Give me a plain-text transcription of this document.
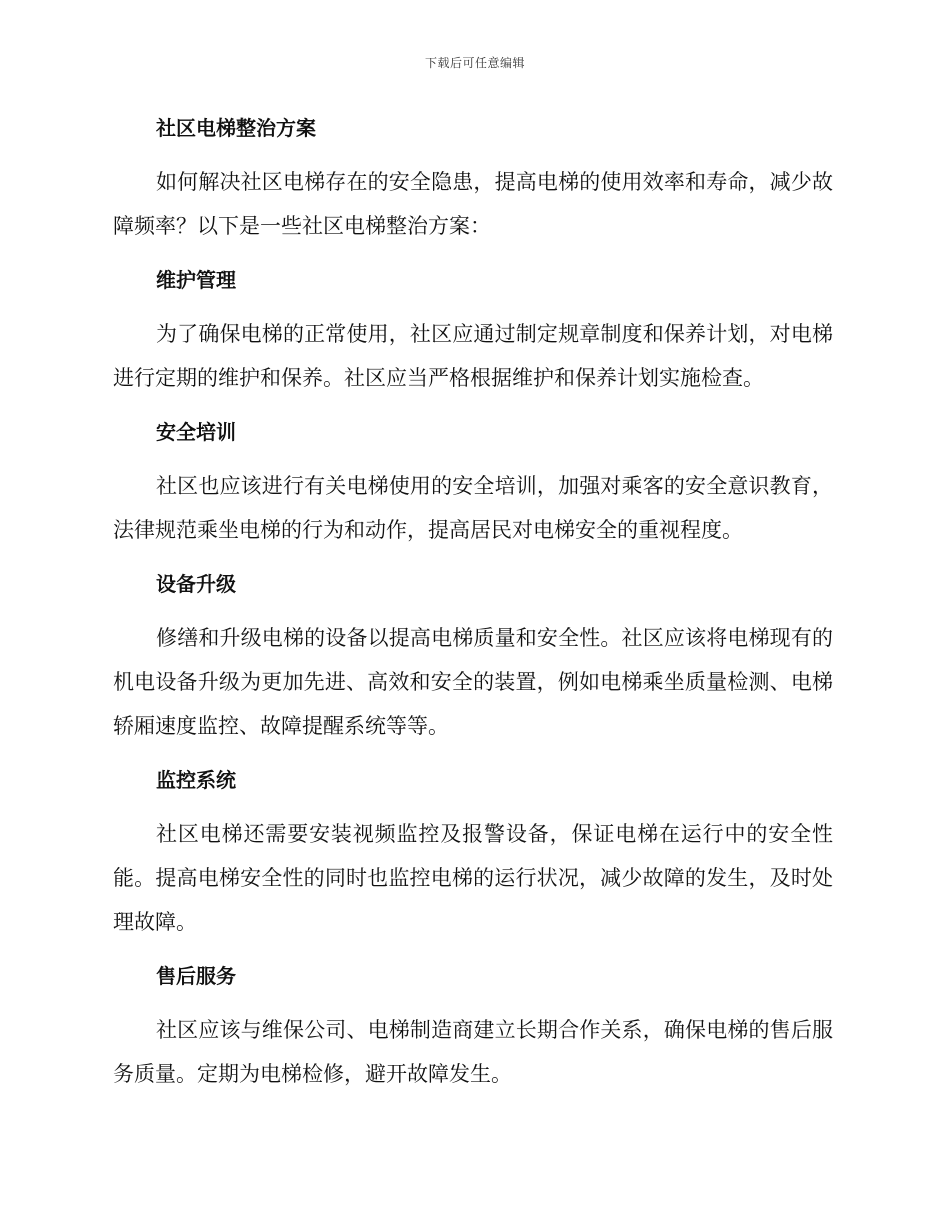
下载后可任意编辑
社区电梯整治方案
如何解决社区电梯存在的安全隐患，提高电梯的使用效率和寿命，减少故障频率？以下是一些社区电梯整治方案：
维护管理
为了确保电梯的正常使用，社区应通过制定规章制度和保养计划，对电梯进行定期的维护和保养。社区应当严格根据维护和保养计划实施检查。
安全培训
社区也应该进行有关电梯使用的安全培训，加强对乘客的安全意识教育，法律规范乘坐电梯的行为和动作，提高居民对电梯安全的重视程度。
设备升级
修缮和升级电梯的设备以提高电梯质量和安全性。社区应该将电梯现有的机电设备升级为更加先进、高效和安全的装置，例如电梯乘坐质量检测、电梯轿厢速度监控、故障提醒系统等等。
监控系统
社区电梯还需要安装视频监控及报警设备，保证电梯在运行中的安全性能。提高电梯安全性的同时也监控电梯的运行状况，减少故障的发生，及时处理故障。
售后服务
社区应该与维保公司、电梯制造商建立长期合作关系，确保电梯的售后服务质量。定期为电梯检修，避开故障发生。
